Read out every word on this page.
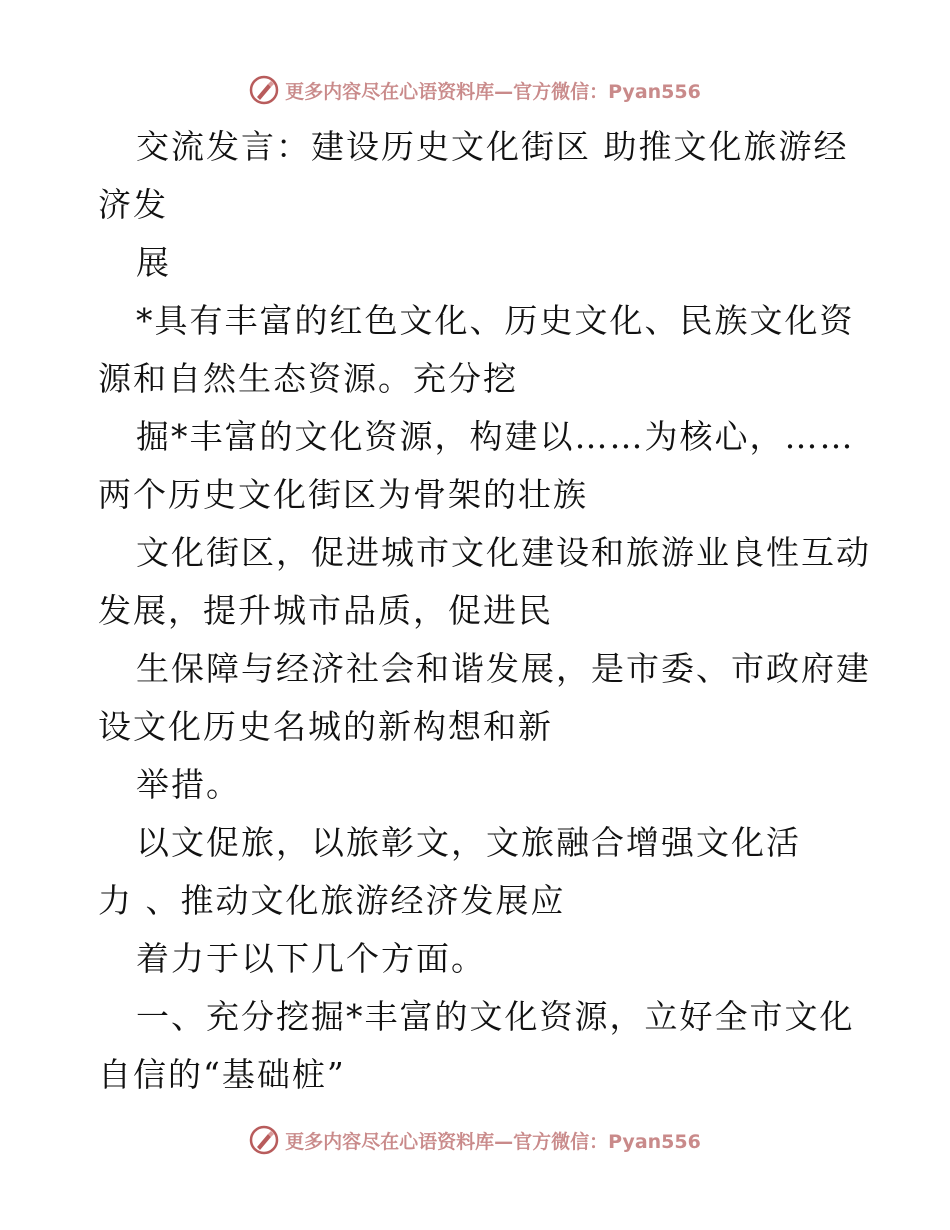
更多内容尽在心语资料库—官方微信：Pyan556
交流发言：建设历史文化街区 助推文化旅游经
济发
展
*具有丰富的红色文化、历史文化、民族文化资
源和自然生态资源。充分挖
掘*丰富的文化资源，构建以……为核心，……
两个历史文化街区为骨架的壮族
文化街区，促进城市文化建设和旅游业良性互动
发展，提升城市品质，促进民
生保障与经济社会和谐发展，是市委、市政府建
设文化历史名城的新构想和新
举措。
以文促旅，以旅彰文，文旅融合增强文化活
力 、推动文化旅游经济发展应
着力于以下几个方面。
一、充分挖掘*丰富的文化资源，立好全市文化
自信的“基础桩”
更多内容尽在心语资料库—官方微信：Pyan556
